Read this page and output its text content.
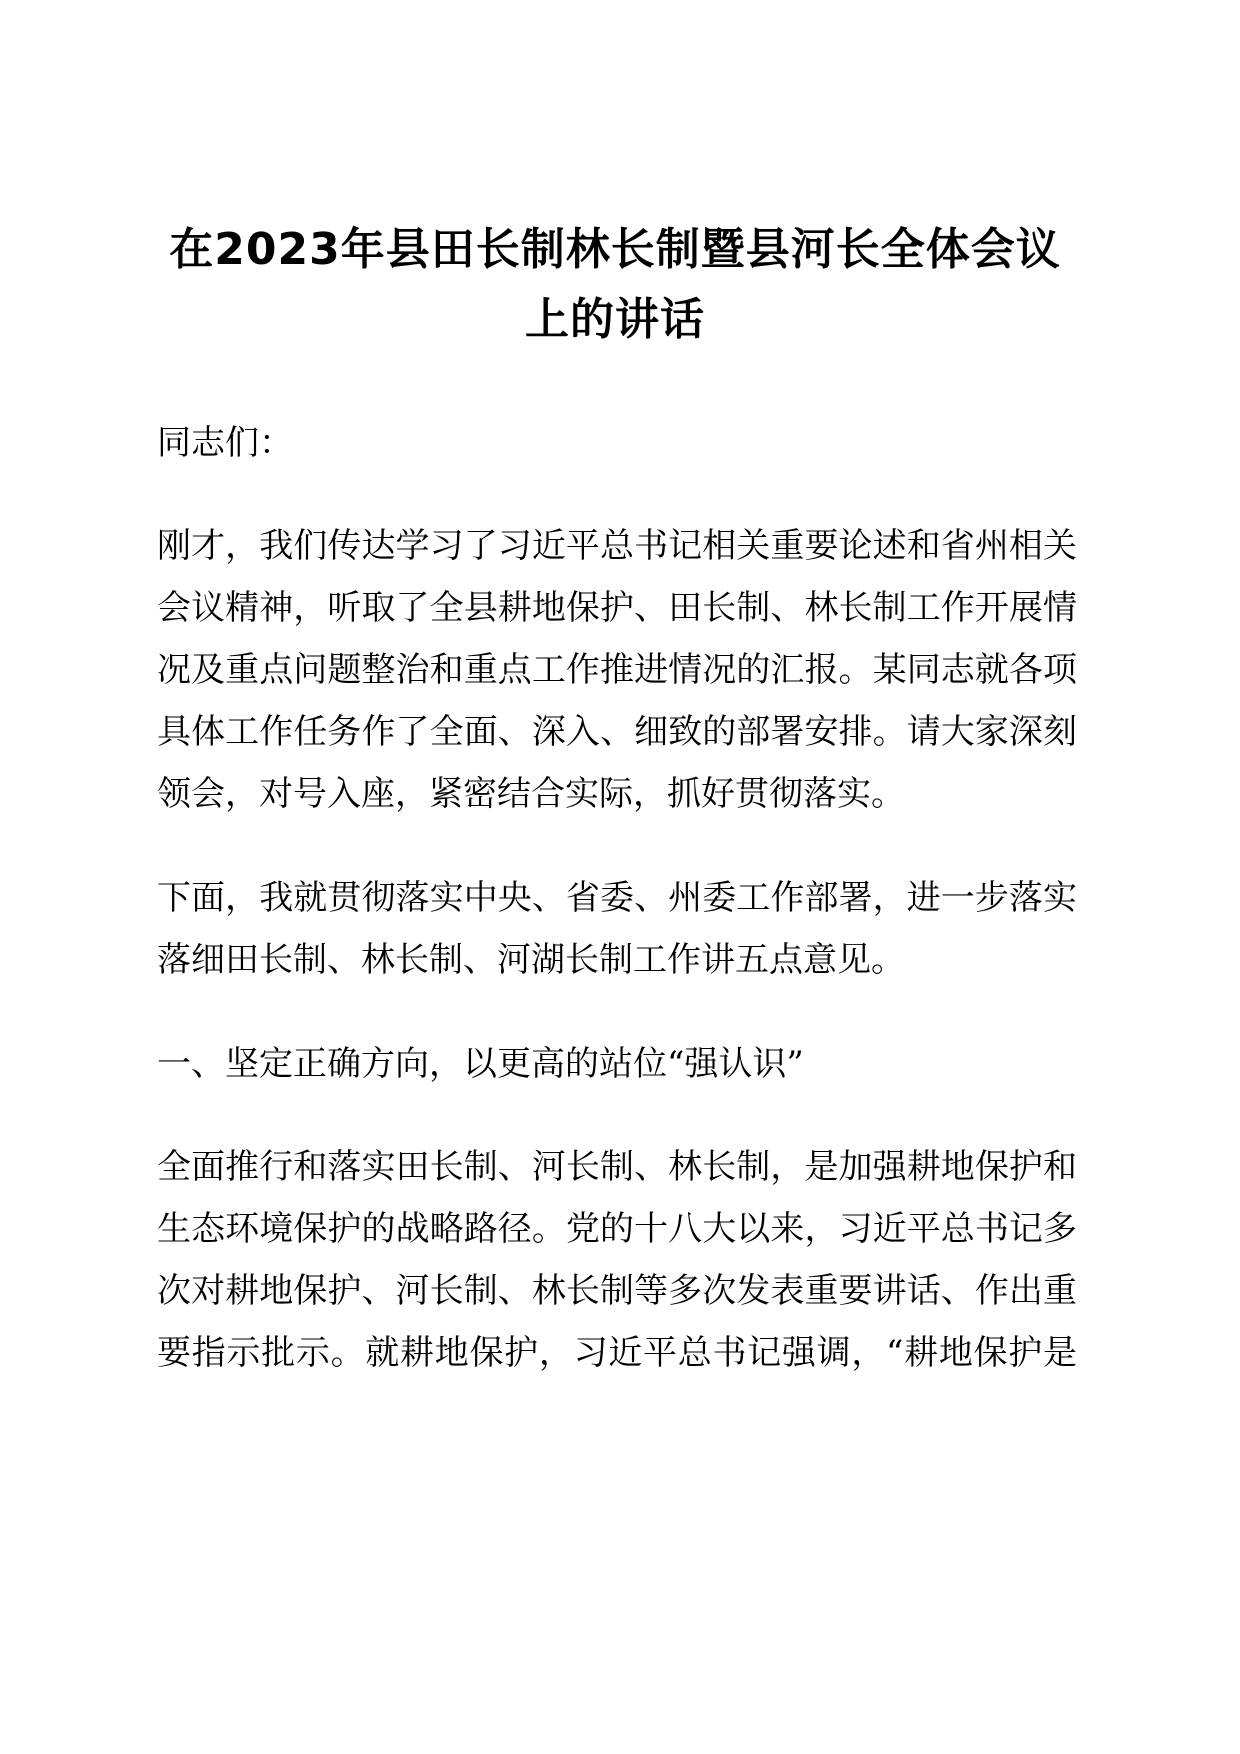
在2023年县田长制林长制暨县河长全体会议
上的讲话

同志们：

刚才，我们传达学习了习近平总书记相关重要论述和省州相关

会议精神，听取了全县耕地保护、田长制、林长制工作开展情

况及重点问题整治和重点工作推进情况的汇报。某同志就各项

具体工作任务作了全面、深入、细致的部署安排。请大家深刻

领会，对号入座，紧密结合实际，抓好贯彻落实。

下面，我就贯彻落实中央、省委、州委工作部署，进一步落实

落细田长制、林长制、河湖长制工作讲五点意见。

一、坚定正确方向，以更高的站位“强认识”

全面推行和落实田长制、河长制、林长制，是加强耕地保护和

生态环境保护的战略路径。党的十八大以来，习近平总书记多

次对耕地保护、河长制、林长制等多次发表重要讲话、作出重

要指示批示。就耕地保护，习近平总书记强调，“耕地保护是
